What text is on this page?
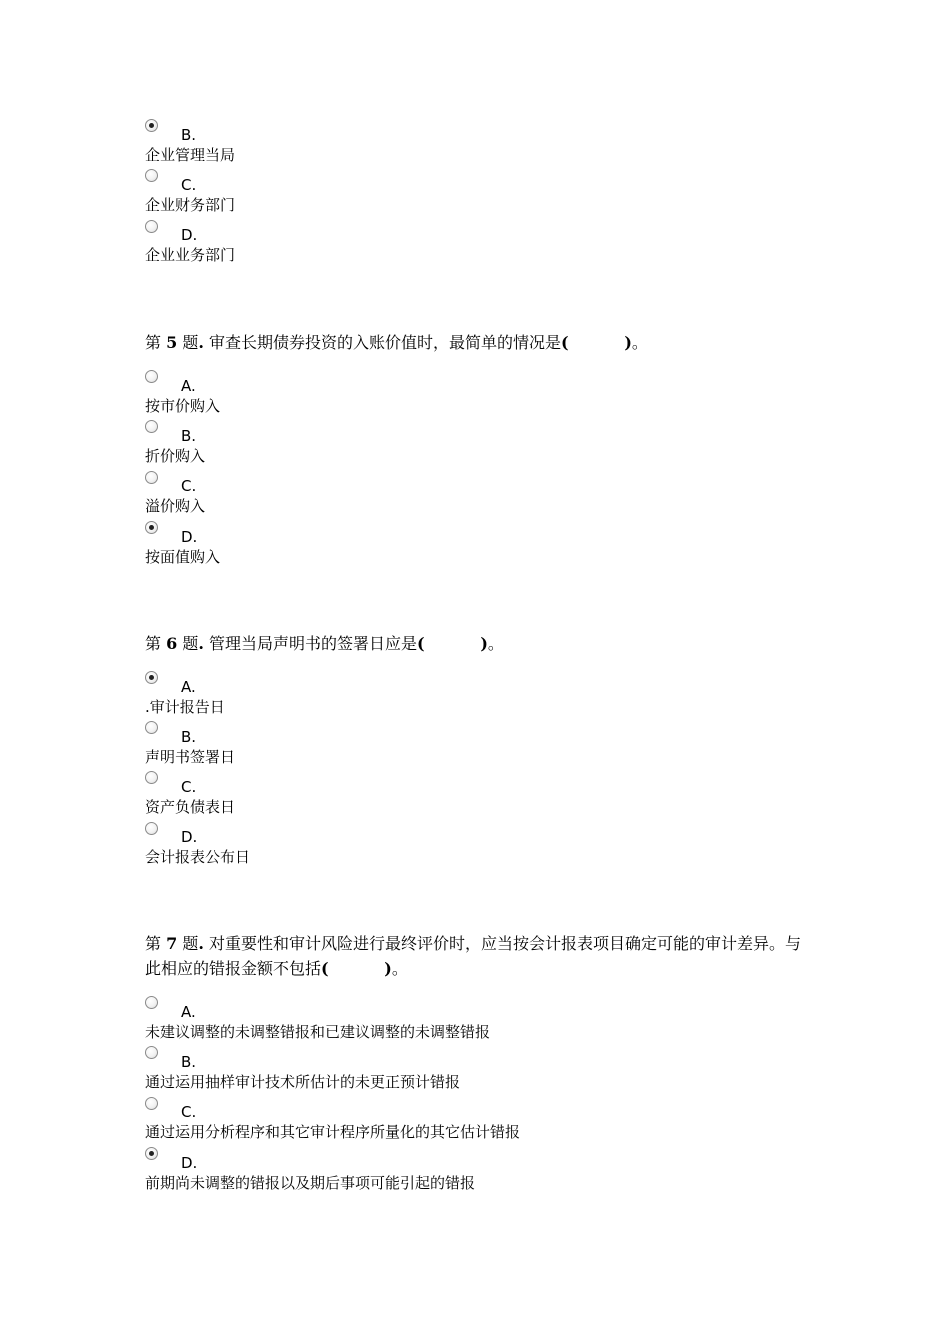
B.
企业管理当局
C.
企业财务部门
D.
企业业务部门
第 5 题. 审查长期债券投资的入账价值时，最简单的情况是(	)。
A.
按市价购入
B.
折价购入
C.
溢价购入
D.
按面值购入
第 6 题. 管理当局声明书的签署日应是(	)。
A.
.审计报告日
B.
声明书签署日
C.
资产负债表日
D.
会计报表公布日
第 7 题. 对重要性和审计风险进行最终评价时，应当按会计报表项目确定可能的审计差异。与此相应的错报金额不包括(	)。
A.
未建议调整的未调整错报和已建议调整的未调整错报
B.
通过运用抽样审计技术所估计的未更正预计错报
C.
通过运用分析程序和其它审计程序所量化的其它估计错报
D.
前期尚未调整的错报以及期后事项可能引起的错报
